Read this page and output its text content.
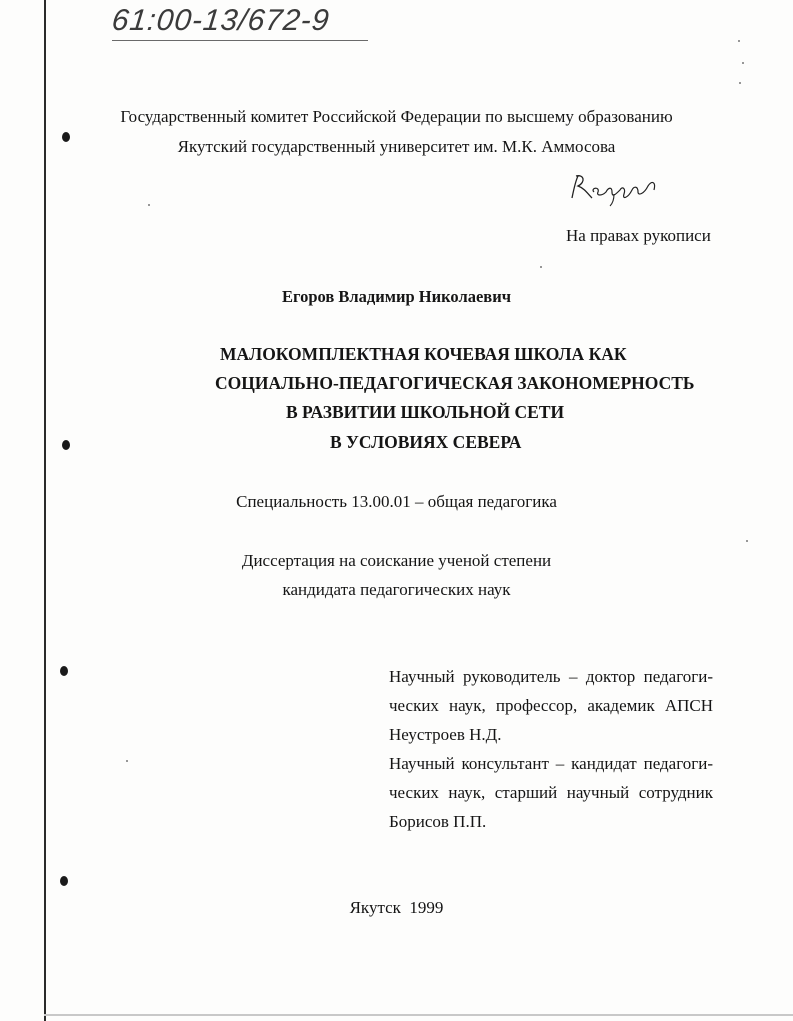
61:00-13/672-9
Государственный комитет Российской Федерации по высшему образованию
Якутский государственный университет им. М.К. Аммосова
На правах рукописи
Егоров Владимир Николаевич
МАЛОКОМПЛЕКТНАЯ КОЧЕВАЯ ШКОЛА КАК
СОЦИАЛЬНО-ПЕДАГОГИЧЕСКАЯ ЗАКОНОМЕРНОСТЬ
В РАЗВИТИИ ШКОЛЬНОЙ СЕТИ
В УСЛОВИЯХ СЕВЕРА
Специальность 13.00.01 – общая педагогика
Диссертация на соискание ученой степени
кандидата педагогических наук
Научный руководитель – доктор педагоги-
ческих наук, профессор, академик АПСН
Неустроев Н.Д.
Научный консультант – кандидат педагоги-
ческих наук, старший научный сотрудник
Борисов П.П.
Якутск  1999
